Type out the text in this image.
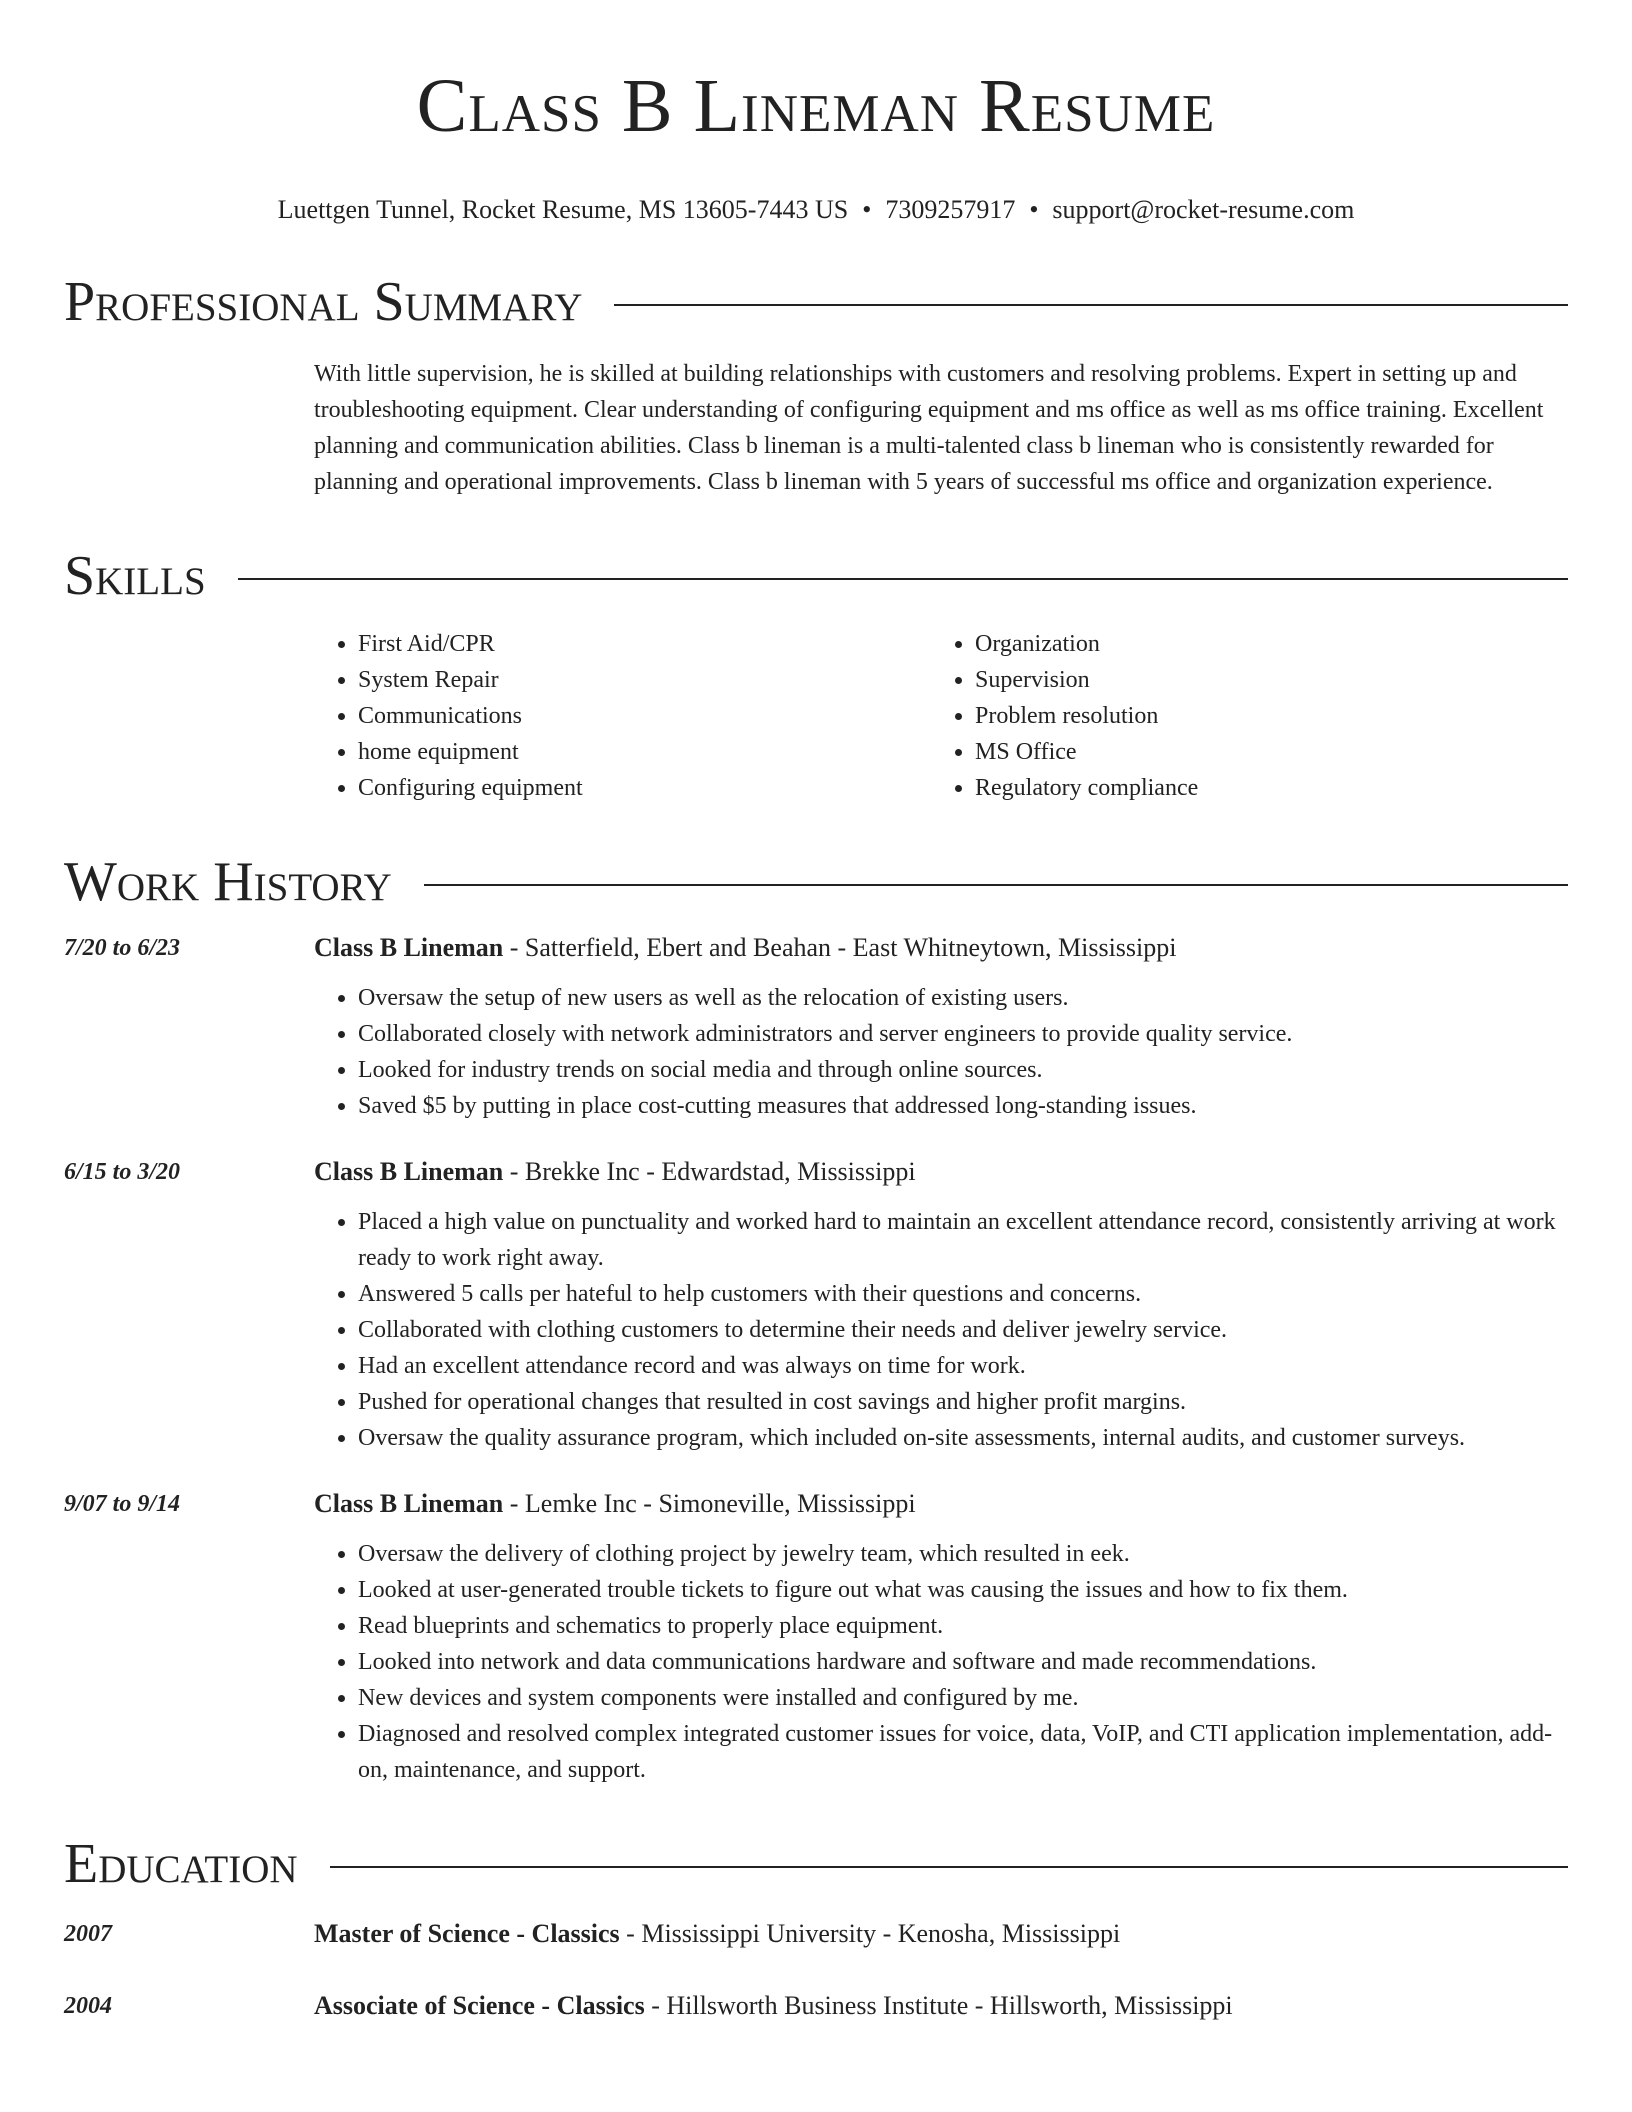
Class B Lineman Resume
Luettgen Tunnel, Rocket Resume, MS 13605-7443 US • 7309257917 • support@rocket-resume.com
Professional Summary
With little supervision, he is skilled at building relationships with customers and resolving problems. Expert in setting up and troubleshooting equipment. Clear understanding of configuring equipment and ms office as well as ms office training. Excellent planning and communication abilities. Class b lineman is a multi-talented class b lineman who is consistently rewarded for planning and operational improvements. Class b lineman with 5 years of successful ms office and organization experience.
Skills
• First Aid/CPR
• System Repair
• Communications
• home equipment
• Configuring equipment
• Organization
• Supervision
• Problem resolution
• MS Office
• Regulatory compliance
Work History
7/20 to 6/23	Class B Lineman - Satterfield, Ebert and Beahan - East Whitneytown, Mississippi
• Oversaw the setup of new users as well as the relocation of existing users.
• Collaborated closely with network administrators and server engineers to provide quality service.
• Looked for industry trends on social media and through online sources.
• Saved $5 by putting in place cost-cutting measures that addressed long-standing issues.
6/15 to 3/20	Class B Lineman - Brekke Inc - Edwardstad, Mississippi
• Placed a high value on punctuality and worked hard to maintain an excellent attendance record, consistently arriving at work ready to work right away.
• Answered 5 calls per hateful to help customers with their questions and concerns.
• Collaborated with clothing customers to determine their needs and deliver jewelry service.
• Had an excellent attendance record and was always on time for work.
• Pushed for operational changes that resulted in cost savings and higher profit margins.
• Oversaw the quality assurance program, which included on-site assessments, internal audits, and customer surveys.
9/07 to 9/14	Class B Lineman - Lemke Inc - Simoneville, Mississippi
• Oversaw the delivery of clothing project by jewelry team, which resulted in eek.
• Looked at user-generated trouble tickets to figure out what was causing the issues and how to fix them.
• Read blueprints and schematics to properly place equipment.
• Looked into network and data communications hardware and software and made recommendations.
• New devices and system components were installed and configured by me.
• Diagnosed and resolved complex integrated customer issues for voice, data, VoIP, and CTI application implementation, add-on, maintenance, and support.
Education
2007	Master of Science - Classics - Mississippi University - Kenosha, Mississippi
2004	Associate of Science - Classics - Hillsworth Business Institute - Hillsworth, Mississippi
